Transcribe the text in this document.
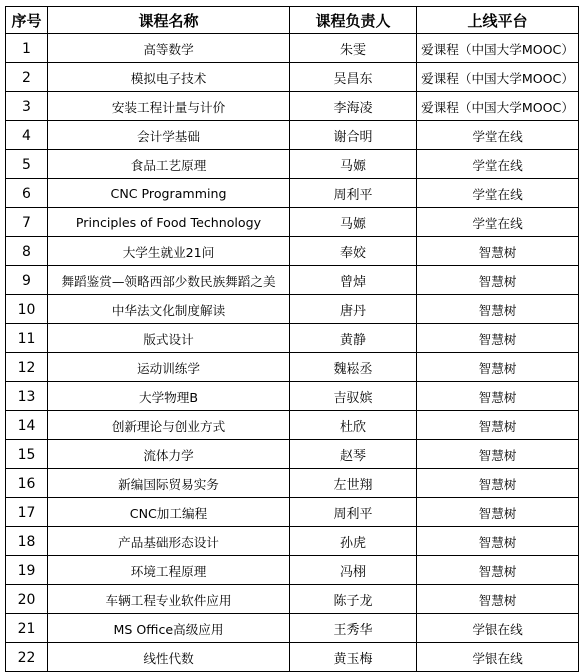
序号	课程名称	课程负责人	上线平台
1	高等数学	朱雯	爱课程（中国大学MOOC）
2	模拟电子技术	吴昌东	爱课程（中国大学MOOC）
3	安装工程计量与计价	李海凌	爱课程（中国大学MOOC）
4	会计学基础	谢合明	学堂在线
5	食品工艺原理	马嫄	学堂在线
6	CNC Programming	周利平	学堂在线
7	Principles of Food Technology	马嫄	学堂在线
8	大学生就业21问	奉姣	智慧树
9	舞蹈鉴赏—领略西部少数民族舞蹈之美	曾焯	智慧树
10	中华法文化制度解读	唐丹	智慧树
11	版式设计	黄静	智慧树
12	运动训练学	魏崧丞	智慧树
13	大学物理B	吉驭嫔	智慧树
14	创新理论与创业方式	杜欣	智慧树
15	流体力学	赵琴	智慧树
16	新编国际贸易实务	左世翔	智慧树
17	CNC加工编程	周利平	智慧树
18	产品基础形态设计	孙虎	智慧树
19	环境工程原理	冯栩	智慧树
20	车辆工程专业软件应用	陈子龙	智慧树
21	MS Office高级应用	王秀华	学银在线
22	线性代数	黄玉梅	学银在线
